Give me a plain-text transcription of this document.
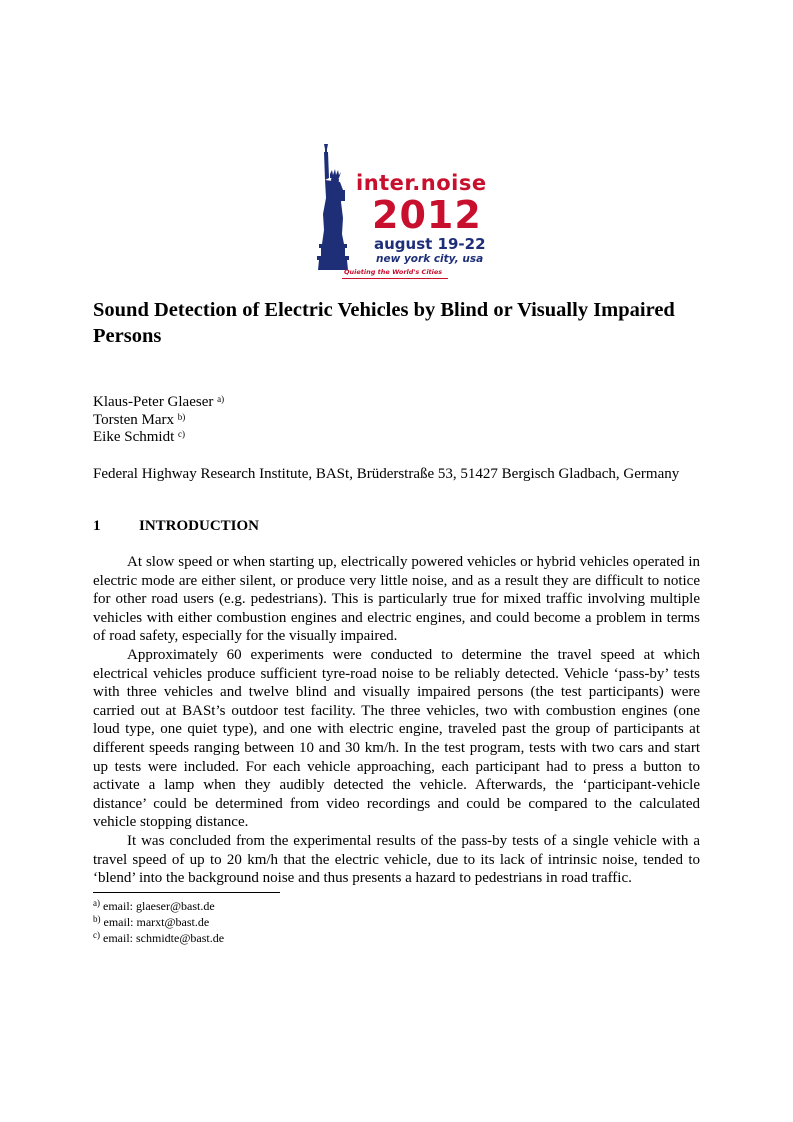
inter.noise
2012
august 19-22
new york city, usa
Quieting the World's Cities
Sound Detection of Electric Vehicles by Blind or Visually Impaired Persons
Klaus-Peter Glaeser $^{a)}$
Torsten Marx $^{b)}$
Eike Schmidt $^{c)}$
Federal Highway Research Institute, BASt, Brüderstraße 53, 51427 Bergisch Gladbach, Germany
1	INTRODUCTION

At slow speed or when starting up, electrically powered vehicles or hybrid vehicles operated in electric mode are either silent, or produce very little noise, and as a result they are difficult to notice for other road users (e.g. pedestrians). This is particularly true for mixed traffic involving multiple vehicles with either combustion engines and electric engines, and could become a problem in terms of road safety, especially for the visually impaired.

Approximately 60 experiments were conducted to determine the travel speed at which electrical vehicles produce sufficient tyre-road noise to be reliably detected. Vehicle ‘pass-by’ tests with three vehicles and twelve blind and visually impaired persons (the test participants) were carried out at BASt’s outdoor test facility. The three vehicles, two with combustion engines (one loud type, one quiet type), and one with electric engine, traveled past the group of participants at different speeds ranging between 10 and 30 km/h. In the test program, tests with two cars and start up tests were included. For each vehicle approaching, each participant had to press a button to activate a lamp when they audibly detected the vehicle. Afterwards, the ‘participant-vehicle distance’ could be determined from video recordings and could be compared to the calculated vehicle stopping distance.

It was concluded from the experimental results of the pass-by tests of a single vehicle with a travel speed of up to 20 km/h that the electric vehicle, due to its lack of intrinsic noise, tended to ‘blend’ into the background noise and thus presents a hazard to pedestrians in road traffic.

$^{a)}$ email: glaeser@bast.de
$^{b)}$ email: marxt@bast.de
$^{c)}$ email: schmidte@bast.de
